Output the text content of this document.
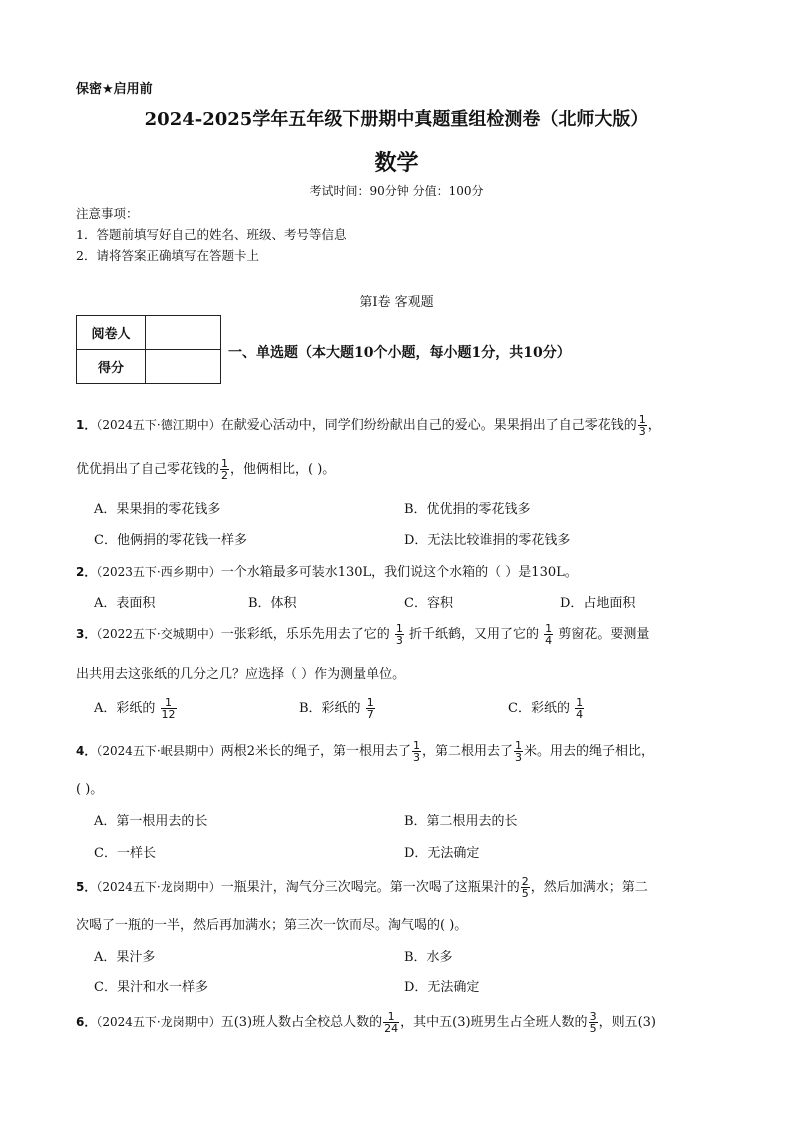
保密★启用前
2024-2025学年五年级下册期中真题重组检测卷（北师大版）
数学
考试时间：90分钟 分值：100分
注意事项：
1．答题前填写好自己的姓名、班级、考号等信息
2．请将答案正确填写在答题卡上
第Ⅰ卷 客观题
阅卷人	
得分	
一、单选题（本大题10个小题，每小题1分，共10分）
1．（2024五下·德江期中）在献爱心活动中，同学们纷纷献出自己的爱心。果果捐出了自己零花钱的 $\frac{1}{3}$ ，
优优捐出了自己零花钱的 $\frac{1}{2}$ ，他俩相比，( )。
A．果果捐的零花钱多	B．优优捐的零花钱多
C．他俩捐的零花钱一样多	D．无法比较谁捐的零花钱多
2．（2023五下·西乡期中）一个水箱最多可装水130L，我们说这个水箱的（ ）是130L。
A．表面积	B．体积	C．容积	D．占地面积
3．（2022五下·交城期中）一张彩纸，乐乐先用去了它的 $\frac{1}{3}$ 折千纸鹤，又用了它的 $\frac{1}{4}$ 剪窗花。要测量
出共用去这张纸的几分之几？应选择（ ）作为测量单位。
A．彩纸的 $\frac{1}{12}$	B．彩纸的 $\frac{1}{7}$	C．彩纸的 $\frac{1}{4}$
4．（2024五下·岷县期中）两根2米长的绳子，第一根用去了 $\frac{1}{3}$ ，第二根用去了 $\frac{1}{3}$ 米。用去的绳子相比，
( )。
A．第一根用去的长	B．第二根用去的长
C．一样长	D．无法确定
5．（2024五下·龙岗期中）一瓶果汁，淘气分三次喝完。第一次喝了这瓶果汁的 $\frac{2}{5}$ ，然后加满水；第二
次喝了一瓶的一半，然后再加满水；第三次一饮而尽。淘气喝的( )。
A．果汁多	B．水多
C．果汁和水一样多	D．无法确定
6．（2024五下·龙岗期中）五(3)班人数占全校总人数的 $\frac{1}{24}$ ，其中五(3)班男生占全班人数的 $\frac{3}{5}$ ，则五(3)
